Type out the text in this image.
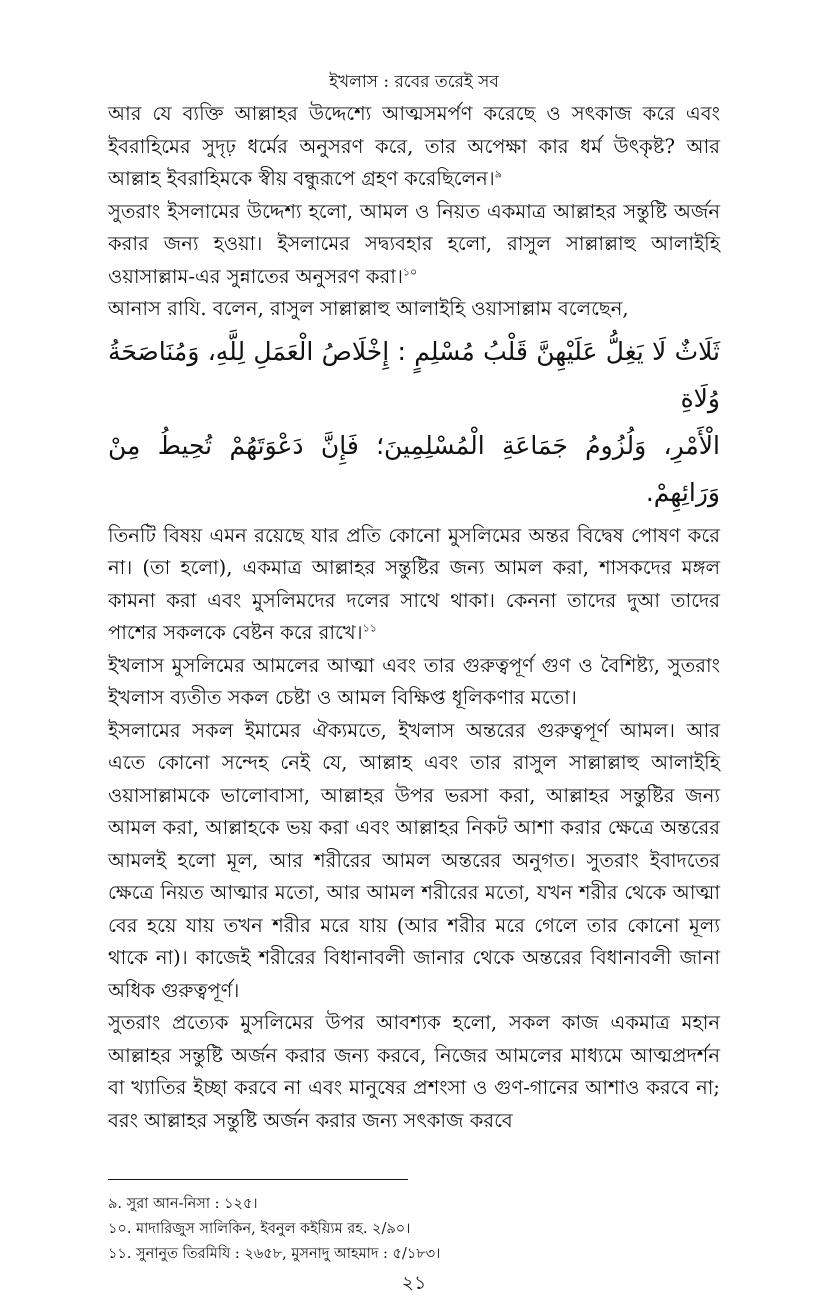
ইখলাস : রবের তরেই সব

আর যে ব্যক্তি আল্লাহর উদ্দেশ্যে আত্মসমর্পণ করেছে ও সৎকাজ করে এবং ইবরাহিমের সুদৃঢ় ধর্মের অনুসরণ করে, তার অপেক্ষা কার ধর্ম উৎকৃষ্ট? আর আল্লাহ ইবরাহিমকে স্বীয় বন্ধুরূপে গ্রহণ করেছিলেন।$^৯$

সুতরাং ইসলামের উদ্দেশ্য হলো, আমল ও নিয়ত একমাত্র আল্লাহর সন্তুষ্টি অর্জন করার জন্য হওয়া। ইসলামের সদ্ব্যবহার হলো, রাসুল সাল্লাল্লাহু আলাইহি ওয়াসাল্লাম-এর সুন্নাতের অনুসরণ করা।$^{১০}$

আনাস রাযি. বলেন, রাসুল সাল্লাল্লাহু আলাইহি ওয়াসাল্লাম বলেছেন,

ثَلَاثٌ لَا يَغِلُّ عَلَيْهِنَّ قَلْبُ مُسْلِمٍ : إِخْلَاصُ الْعَمَلِ لِلَّهِ، وَمُنَاصَحَةُ وُلَاةِ
الْأَمْرِ، وَلُزُومُ جَمَاعَةِ الْمُسْلِمِينَ؛ فَإِنَّ دَعْوَتَهُمْ تُحِيطُ مِنْ وَرَائِهِمْ.

তিনটি বিষয় এমন রয়েছে যার প্রতি কোনো মুসলিমের অন্তর বিদ্বেষ পোষণ করে না। (তা হলো), একমাত্র আল্লাহর সন্তুষ্টির জন্য আমল করা, শাসকদের মঙ্গল কামনা করা এবং মুসলিমদের দলের সাথে থাকা। কেননা তাদের দুআ তাদের পাশের সকলকে বেষ্টন করে রাখে।$^{১১}$

ইখলাস মুসলিমের আমলের আত্মা এবং তার গুরুত্বপূর্ণ গুণ ও বৈশিষ্ট্য, সুতরাং ইখলাস ব্যতীত সকল চেষ্টা ও আমল বিক্ষিপ্ত ধূলিকণার মতো।

ইসলামের সকল ইমামের ঐক্যমতে, ইখলাস অন্তরের গুরুত্বপূর্ণ আমল। আর এতে কোনো সন্দেহ নেই যে, আল্লাহ এবং তার রাসুল সাল্লাল্লাহু আলাইহি ওয়াসাল্লামকে ভালোবাসা, আল্লাহর উপর ভরসা করা, আল্লাহর সন্তুষ্টির জন্য আমল করা, আল্লাহকে ভয় করা এবং আল্লাহর নিকট আশা করার ক্ষেত্রে অন্তরের আমলই হলো মূল, আর শরীরের আমল অন্তরের অনুগত। সুতরাং ইবাদতের ক্ষেত্রে নিয়ত আত্মার মতো, আর আমল শরীরের মতো, যখন শরীর থেকে আত্মা বের হয়ে যায় তখন শরীর মরে যায় (আর শরীর মরে গেলে তার কোনো মূল্য থাকে না)। কাজেই শরীরের বিধানাবলী জানার থেকে অন্তরের বিধানাবলী জানা অধিক গুরুত্বপূর্ণ।

সুতরাং প্রত্যেক মুসলিমের উপর আবশ্যক হলো, সকল কাজ একমাত্র মহান আল্লাহর সন্তুষ্টি অর্জন করার জন্য করবে, নিজের আমলের মাধ্যমে আত্মপ্রদর্শন বা খ্যাতির ইচ্ছা করবে না এবং মানুষের প্রশংসা ও গুণ-গানের আশাও করবে না; বরং আল্লাহর সন্তুষ্টি অর্জন করার জন্য সৎকাজ করবে

৯. সুরা আন-নিসা : ১২৫।

১০. মাদারিজুস সালিকিন, ইবনুল কইয়্যিম রহ. ২/৯০।

১১. সুনানুত তিরমিযি : ২৬৫৮, মুসনাদু আহমাদ : ৫/১৮৩।

২১
